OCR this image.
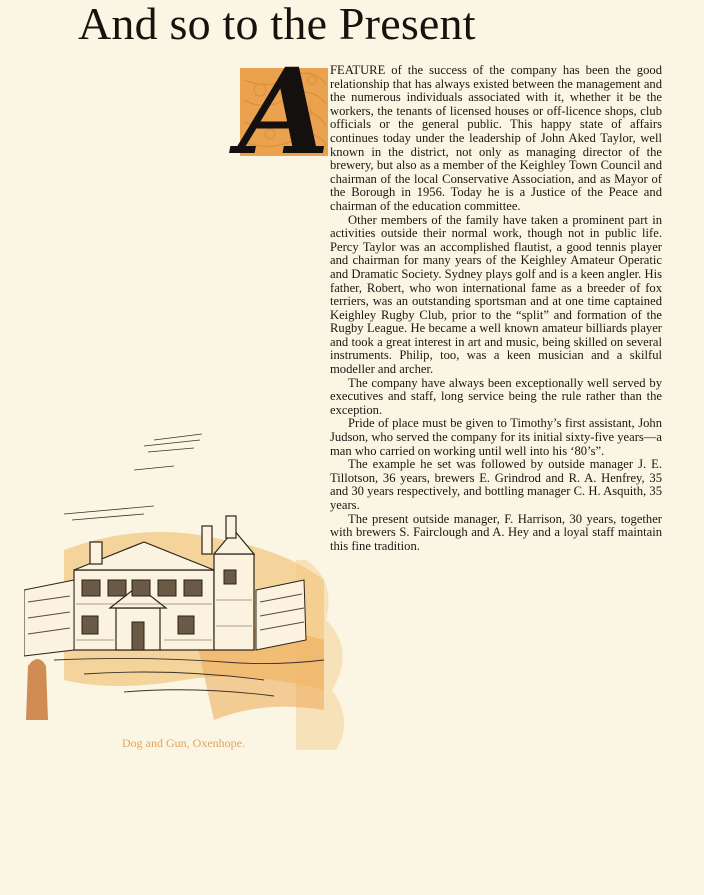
And so to the Present
A FEATURE of the success of the company has been the good relationship that has always existed between the management and the numerous individuals associated with it, whether it be the workers, the tenants of licensed houses or off-licence shops, club officials or the general public. This happy state of affairs continues today under the leadership of John Aked Taylor, well known in the district, not only as managing director of the brewery, but also as a member of the Keighley Town Council and chairman of the local Conservative Association, and as Mayor of the Borough in 1956. Today he is a Justice of the Peace and chairman of the education committee.

Other members of the family have taken a prominent part in activities outside their normal work, though not in public life. Percy Taylor was an accomplished flautist, a good tennis player and chairman for many years of the Keighley Amateur Operatic and Dramatic Society. Sydney plays golf and is a keen angler. His father, Robert, who won international fame as a breeder of fox terriers, was an outstanding sportsman and at one time captained Keighley Rugby Club, prior to the “split” and formation of the Rugby League. He became a well known amateur billiards player and took a great interest in art and music, being skilled on several instruments. Philip, too, was a keen musician and a skilful modeller and archer.

The company have always been exceptionally well served by executives and staff, long service being the rule rather than the exception.

Pride of place must be given to Timothy’s first assistant, John Judson, who served the company for its initial sixty-five years—a man who carried on working until well into his ‘80’s”.

The example he set was followed by outside manager J. E. Tillotson, 36 years, brewers E. Grindrod and R. A. Henfrey, 35 and 30 years respectively, and bottling manager C. H. Asquith, 35 years.

The present outside manager, F. Harrison, 30 years, together with brewers S. Fairclough and A. Hey and a loyal staff maintain this fine tradition.

Dog and Gun, Oxenhope.
